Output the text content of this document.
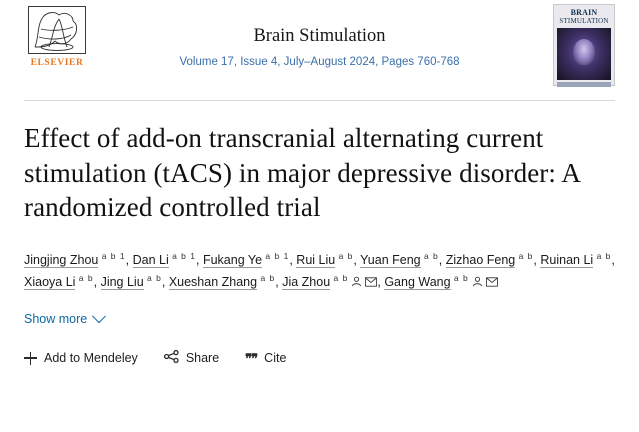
ELSEVIER
Brain Stimulation
Volume 17, Issue 4, July–August 2024, Pages 760-768
BRAIN
STIMULATION
Effect of add-on transcranial alternating current stimulation (tACS) in major depressive disorder: A randomized controlled trial
Jingjing Zhou $^{a b 1}$, Dan Li $^{a b 1}$, Fukang Ye $^{a b 1}$, Rui Liu $^{a b}$, Yuan Feng $^{a b}$, Zizhao Feng $^{a b}$, Ruinan Li $^{a b}$, Xiaoya Li $^{a b}$, Jing Liu $^{a b}$, Xueshan Zhang $^{a b}$, Jia Zhou $^{a b}$ , Gang Wang $^{a b}$
Show more
Add to Mendeley	Share ❞❞ Cite
